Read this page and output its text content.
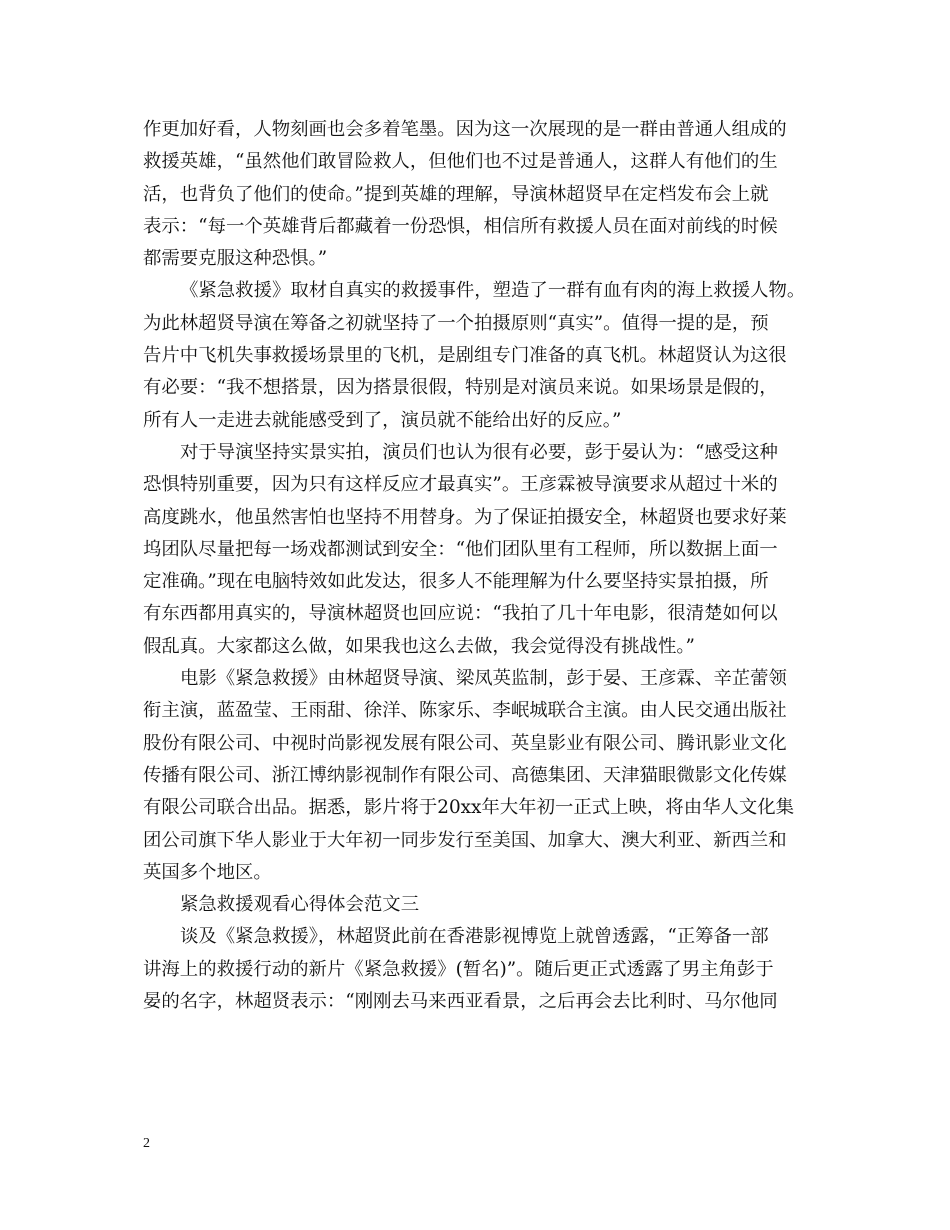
作更加好看，人物刻画也会多着笔墨。因为这一次展现的是一群由普通人组成的
救援英雄，“虽然他们敢冒险救人，但他们也不过是普通人，这群人有他们的生
活，也背负了他们的使命。”提到英雄的理解，导演林超贤早在定档发布会上就
表示：“每一个英雄背后都藏着一份恐惧，相信所有救援人员在面对前线的时候
都需要克服这种恐惧。”
《紧急救援》取材自真实的救援事件，塑造了一群有血有肉的海上救援人物。
为此林超贤导演在筹备之初就坚持了一个拍摄原则“真实”。值得一提的是，预
告片中飞机失事救援场景里的飞机，是剧组专门准备的真飞机。林超贤认为这很
有必要：“我不想搭景，因为搭景很假，特别是对演员来说。如果场景是假的，
所有人一走进去就能感受到了，演员就不能给出好的反应。”
对于导演坚持实景实拍，演员们也认为很有必要，彭于晏认为：“感受这种
恐惧特别重要，因为只有这样反应才最真实”。王彦霖被导演要求从超过十米的
高度跳水，他虽然害怕也坚持不用替身。为了保证拍摄安全，林超贤也要求好莱
坞团队尽量把每一场戏都测试到安全：“他们团队里有工程师，所以数据上面一
定准确。”现在电脑特效如此发达，很多人不能理解为什么要坚持实景拍摄，所
有东西都用真实的，导演林超贤也回应说：“我拍了几十年电影，很清楚如何以
假乱真。大家都这么做，如果我也这么去做，我会觉得没有挑战性。”
电影《紧急救援》由林超贤导演、梁凤英监制，彭于晏、王彦霖、辛芷蕾领
衔主演，蓝盈莹、王雨甜、徐洋、陈家乐、李岷城联合主演。由人民交通出版社
股份有限公司、中视时尚影视发展有限公司、英皇影业有限公司、腾讯影业文化
传播有限公司、浙江博纳影视制作有限公司、高德集团、天津猫眼微影文化传媒
有限公司联合出品。据悉，影片将于20xx年大年初一正式上映，将由华人文化集
团公司旗下华人影业于大年初一同步发行至美国、加拿大、澳大利亚、新西兰和
英国多个地区。
紧急救援观看心得体会范文三
谈及《紧急救援》，林超贤此前在香港影视博览上就曾透露，“正筹备一部
讲海上的救援行动的新片《紧急救援》(暂名)”。随后更正式透露了男主角彭于
晏的名字，林超贤表示：“刚刚去马来西亚看景，之后再会去比利时、马尔他同
2
